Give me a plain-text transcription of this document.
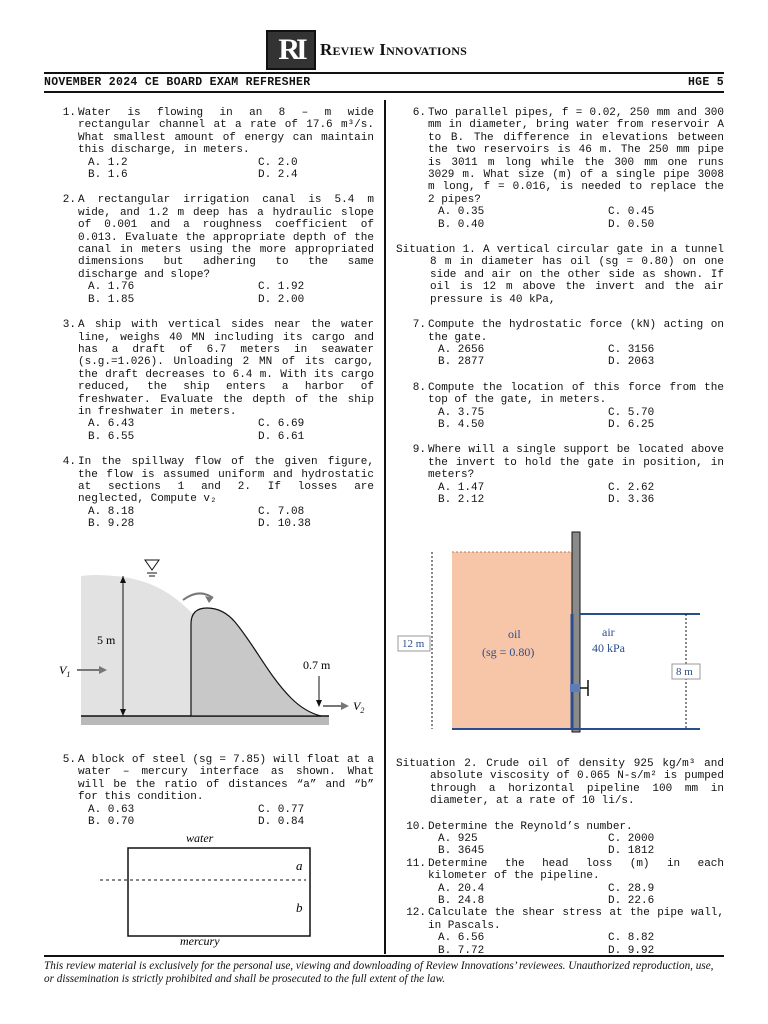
RI Review Innovations
NOVEMBER 2024 CE BOARD EXAM REFRESHER	HGE 5
1. Water is flowing in an 8 – m wide rectangular channel at a rate of 17.6 m³/s. What smallest amount of energy can maintain this discharge, in meters.
A. 1.2	C. 2.0
B. 1.6	D. 2.4
2. A rectangular irrigation canal is 5.4 m wide, and 1.2 m deep has a hydraulic slope of 0.001 and a roughness coefficient of 0.013. Evaluate the appropriate depth of the canal in meters using the more appropriated dimensions but adhering to the same discharge and slope?
A. 1.76	C. 1.92
B. 1.85	D. 2.00
3. A ship with vertical sides near the water line, weighs 40 MN including its cargo and has a draft of 6.7 meters in seawater (s.g.=1.026). Unloading 2 MN of its cargo, the draft decreases to 6.4 m. With its cargo reduced, the ship enters a harbor of freshwater. Evaluate the depth of the ship in freshwater in meters.
A. 6.43	C. 6.69
B. 6.55	D. 6.61
4. In the spillway flow of the given figure, the flow is assumed uniform and hydrostatic at sections 1 and 2. If losses are neglected, Compute v₂
A. 8.18	C. 7.08
B. 9.28	D. 10.38
5 m
0.7 m
$V_1$
$V_2$
5. A block of steel (sg = 7.85) will float at a water – mercury interface as shown. What will be the ratio of distances “a” and “b” for this condition.
A. 0.63	C. 0.77
B. 0.70	D. 0.84
water
a
b
mercury
6. Two parallel pipes, f = 0.02, 250 mm and 300 mm in diameter, bring water from reservoir A to B. The difference in elevations between the two reservoirs is 46 m. The 250 mm pipe is 3011 m long while the 300 mm one runs 3029 m. What size (m) of a single pipe 3008 m long, f = 0.016, is needed to replace the 2 pipes?
A. 0.35	C. 0.45
B. 0.40	D. 0.50
Situation 1. A vertical circular gate in a tunnel 8 m in diameter has oil (sg = 0.80) on one side and air on the other side as shown. If oil is 12 m above the invert and the air pressure is 40 kPa,
7. Compute the hydrostatic force (kN) acting on the gate.
A. 2656	C. 3156
B. 2877	D. 2063
8. Compute the location of this force from the top of the gate, in meters.
A. 3.75	C. 5.70
B. 4.50	D. 6.25
9. Where will a single support be located above the invert to hold the gate in position, in meters?
A. 1.47	C. 2.62
B. 2.12	D. 3.36
12 m
oil
(sg = 0.80)
air
40 kPa
8 m
Situation 2. Crude oil of density 925 kg/m³ and absolute viscosity of 0.065 N-s/m² is pumped through a horizontal pipeline 100 mm in diameter, at a rate of 10 li/s.
10. Determine the Reynold’s number.
A. 925	C. 2000
B. 3645	D. 1812
11. Determine the head loss (m) in each kilometer of the pipeline.
A. 20.4	C. 28.9
B. 24.8	D. 22.6
12. Calculate the shear stress at the pipe wall, in Pascals.
A. 6.56	C. 8.82
B. 7.72	D. 9.92
This review material is exclusively for the personal use, viewing and downloading of Review Innovations’ reviewees. Unauthorized reproduction, use, or dissemination is strictly prohibited and shall be prosecuted to the full extent of the law.
